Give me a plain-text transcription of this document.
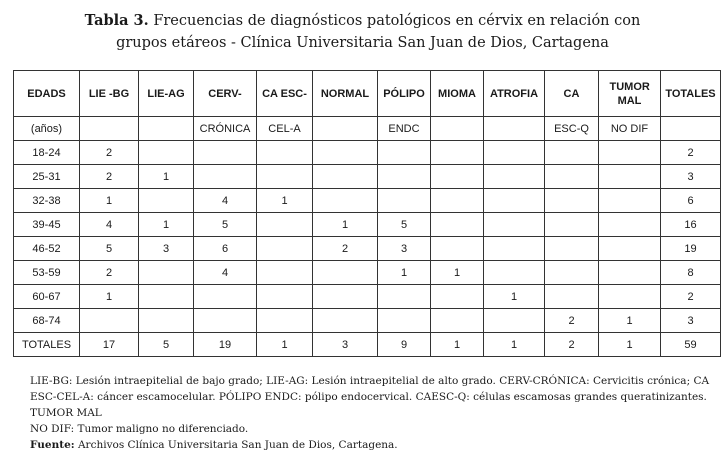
Tabla 3. Frecuencias de diagnósticos patológicos en cérvix en relación con
grupos etáreos - Clínica Universitaria San Juan de Dios, Cartagena
EDADS	LIE -BG	LIE-AG	CERV-	CA ESC-	NORMAL	PÓLIPO	MIOMA	ATROFIA	CA	TUMOR MAL	TOTALES
(años)			CRÓNICA	CEL-A		ENDC			ESC-Q	NO DIF	
18-24	2										2
25-31	2	1									3
32-38	1		4	1							6
39-45	4	1	5		1	5					16
46-52	5	3	6		2	3					19
53-59	2		4			1	1				8
60-67	1							1			2
68-74									2	1	3
TOTALES	17	5	19	1	3	9	1	1	2	1	59
LIE-BG: Lesión intraepitelial de bajo grado; LIE-AG: Lesión intraepitelial de alto grado. CERV-CRÓNICA: Cervicitis crónica; CA
ESC-CEL-A: cáncer escamocelular. PÓLIPO ENDC: pólipo endocervical. CAESC-Q: células escamosas grandes queratinizantes.
TUMOR MAL
NO DIF: Tumor maligno no diferenciado.
Fuente: Archivos Clínica Universitaria San Juan de Dios, Cartagena.
